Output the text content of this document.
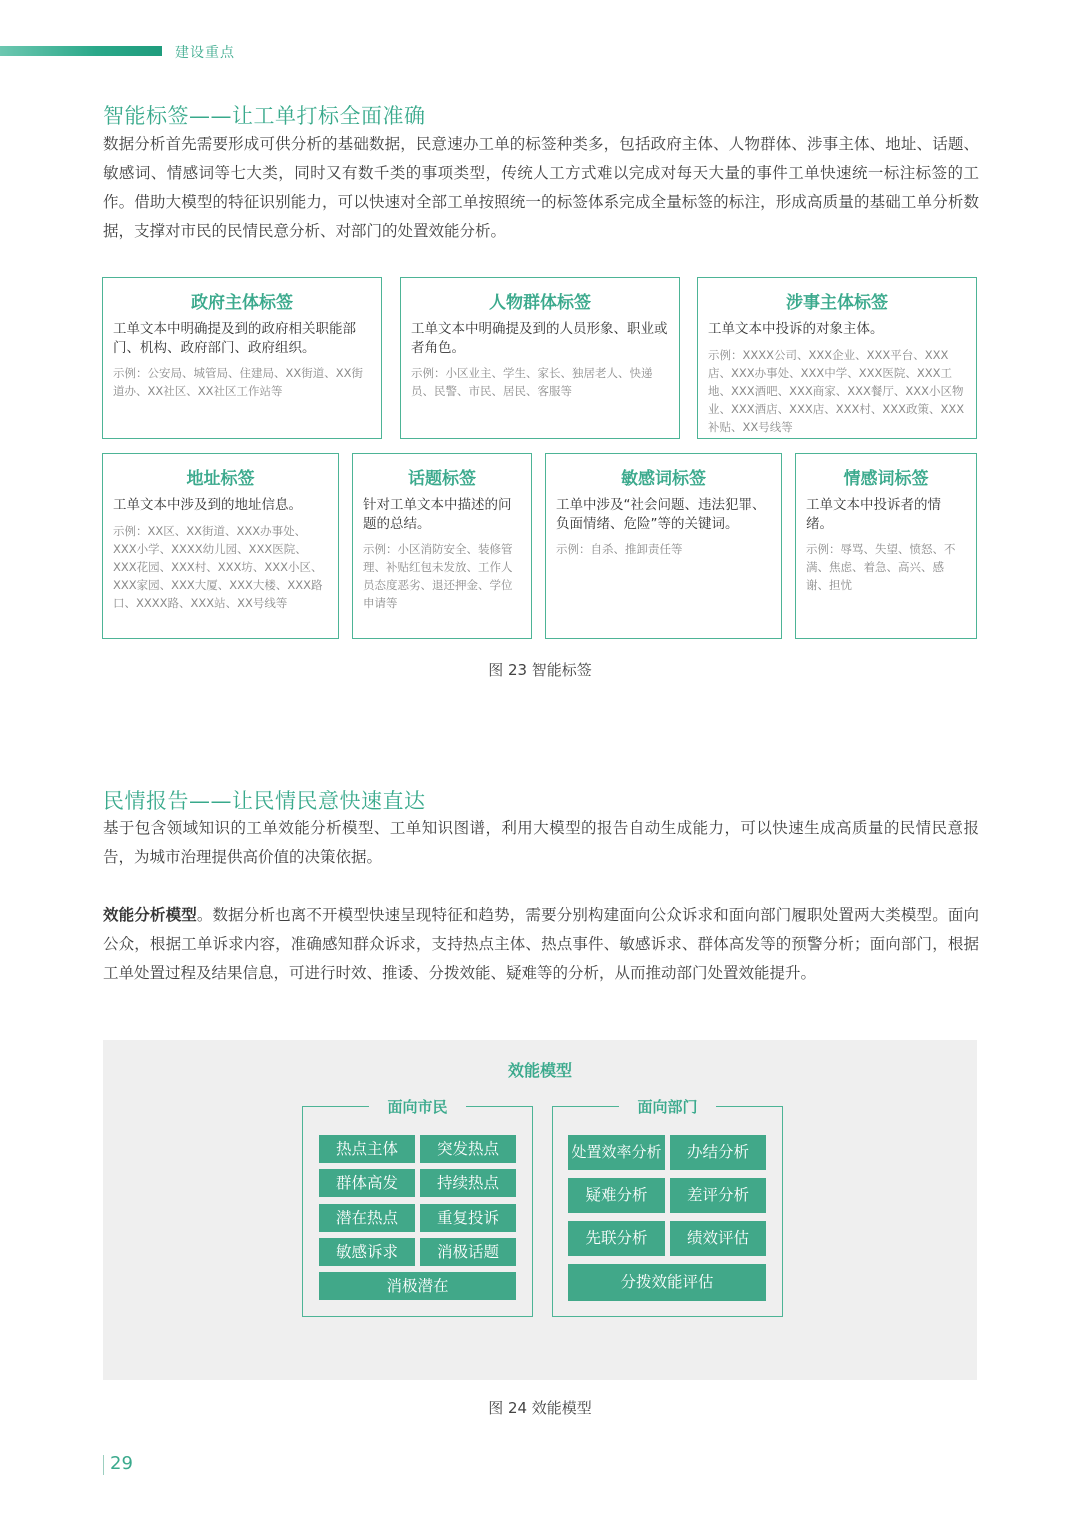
建设重点
智能标签——让工单打标全面准确
数据分析首先需要形成可供分析的基础数据，民意速办工单的标签种类多，包括政府主体、人物群体、涉事主体、地址、话题、敏感词、情感词等七大类，同时又有数千类的事项类型，传统人工方式难以完成对每天大量的事件工单快速统一标注标签的工作。借助大模型的特征识别能力，可以快速对全部工单按照统一的标签体系完成全量标签的标注，形成高质量的基础工单分析数据，支撑对市民的民情民意分析、对部门的处置效能分析。
政府主体标签
工单文本中明确提及到的政府相关职能部门、机构、政府部门、政府组织。
示例：公安局、城管局、住建局、XX街道、XX街道办、XX社区、XX社区工作站等
人物群体标签
工单文本中明确提及到的人员形象、职业或者角色。
示例：小区业主、学生、家长、独居老人、快递员、民警、市民、居民、客服等
涉事主体标签
工单文本中投诉的对象主体。
示例：XXXX公司、XXX企业、XXX平台、XXX店、XXX办事处、XXX中学、XXX医院、XXX工地、XXX酒吧、XXX商家、XXX餐厅、XXX小区物业、XXX酒店、XXX店、XXX村、XXX政策、XXX补贴、XX号线等
地址标签
工单文本中涉及到的地址信息。
示例：XX区、XX街道、XXX办事处、XXX小学、XXXX幼儿园、XXX医院、XXX花园、XXX村、XXX坊、XXX小区、XXX家园、XXX大厦、XXX大楼、XXX路口、XXXX路、XXX站、XX号线等
话题标签
针对工单文本中描述的问题的总结。
示例：小区消防安全、装修管理、补贴红包未发放、工作人员态度恶劣、退还押金、学位申请等
敏感词标签
工单中涉及“社会问题、违法犯罪、负面情绪、危险”等的关键词。
示例：自杀、推卸责任等
情感词标签
工单文本中投诉者的情绪。
示例：辱骂、失望、愤怒、不满、焦虑、着急、高兴、感谢、担忧
图 23 智能标签
民情报告——让民情民意快速直达
基于包含领域知识的工单效能分析模型、工单知识图谱，利用大模型的报告自动生成能力，可以快速生成高质量的民情民意报告，为城市治理提供高价值的决策依据。
效能分析模型。数据分析也离不开模型快速呈现特征和趋势，需要分别构建面向公众诉求和面向部门履职处置两大类模型。面向公众，根据工单诉求内容，准确感知群众诉求，支持热点主体、热点事件、敏感诉求、群体高发等的预警分析；面向部门，根据工单处置过程及结果信息，可进行时效、推诿、分拨效能、疑难等的分析，从而推动部门处置效能提升。
效能模型
面向市民	面向部门
热点主体	突发热点
群体高发	持续热点
潜在热点	重复投诉
敏感诉求	消极话题
消极潜在
处置效率分析	办结分析
疑难分析	差评分析
先联分析	绩效评估
分拨效能评估
图 24 效能模型
29
